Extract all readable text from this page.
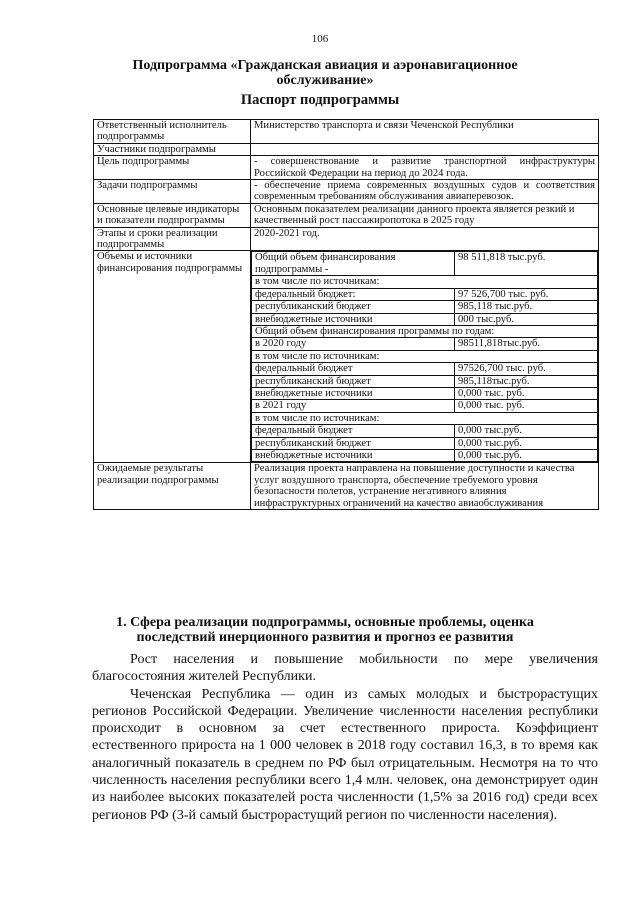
106
Подпрограмма «Гражданская авиация и аэронавигационное обслуживание»
Паспорт подпрограммы
Ответственный исполнитель подпрограммы	Министерство транспорта и связи Чеченской Республики
Участники подпрограммы	
Цель подпрограммы	- совершенствование и развитие транспортной инфраструктуры Российской Федерации на период до 2024 года.
Задачи подпрограммы	- обеспечение приема современных воздушных судов и соответствия современным требованиям обслуживания авиаперевозок.
Основные целевые индикаторы и показатели подпрограммы	Основным показателем реализации данного проекта является резкий и качественный рост пассажиропотока в 2025 году
Этапы и сроки реализации подпрограммы	2020-2021 год.
Объемы и источники финансирования подпрограммы	
Общий объем финансирования подпрограммы -	98 511,818 тыс.руб.
в том числе по источникам:
федеральный бюджет:	97 526,700 тыс. руб.
республиканский бюджет	985,118 тыс.руб.
внебюджетные источники	000 тыс.руб.
Общий объем финансирования программы по годам:
в 2020 году	98511,818тыс.руб.
в том числе по источникам:
федеральный бюджет	97526,700 тыс. руб.
республиканский бюджет	985,118тыс.руб.
внебюджетные источники	0,000 тыс. руб.
в 2021 году	0,000 тыс. руб.
в том числе по источникам:
федеральный бюджет	0,000 тыс.руб.
республиканский бюджет	0,000 тыс.руб.
внебюджетные источники	0,000 тыс.руб.

Ожидаемые результаты реализации подпрограммы	Реализация проекта направлена на повышение доступности и качества услуг воздушного транспорта, обеспечение требуемого уровня безопасности полетов, устранение негативного влияния инфраструктурных ограничений на качество авиаобслуживания
1. Сфера реализации подпрограммы, основные проблемы, оценка последствий инерционного развития и прогноз ее развития

Рост населения и повышение мобильности по мере увеличения благосостояния жителей Республики.

Чеченская Республика — один из самых молодых и быстрорастущих регионов Российской Федерации. Увеличение численности населения республики происходит в основном за счет естественного прироста. Коэффициент естественного прироста на 1 000 человек в 2018 году составил 16,3, в то время как аналогичный показатель в среднем по РФ был отрицательным. Несмотря на то что численность населения республики всего 1,4 млн. человек, она демонстрирует один из наиболее высоких показателей роста численности (1,5% за 2016 год) среди всех регионов РФ (3-й самый быстрорастущий регион по численности населения).
